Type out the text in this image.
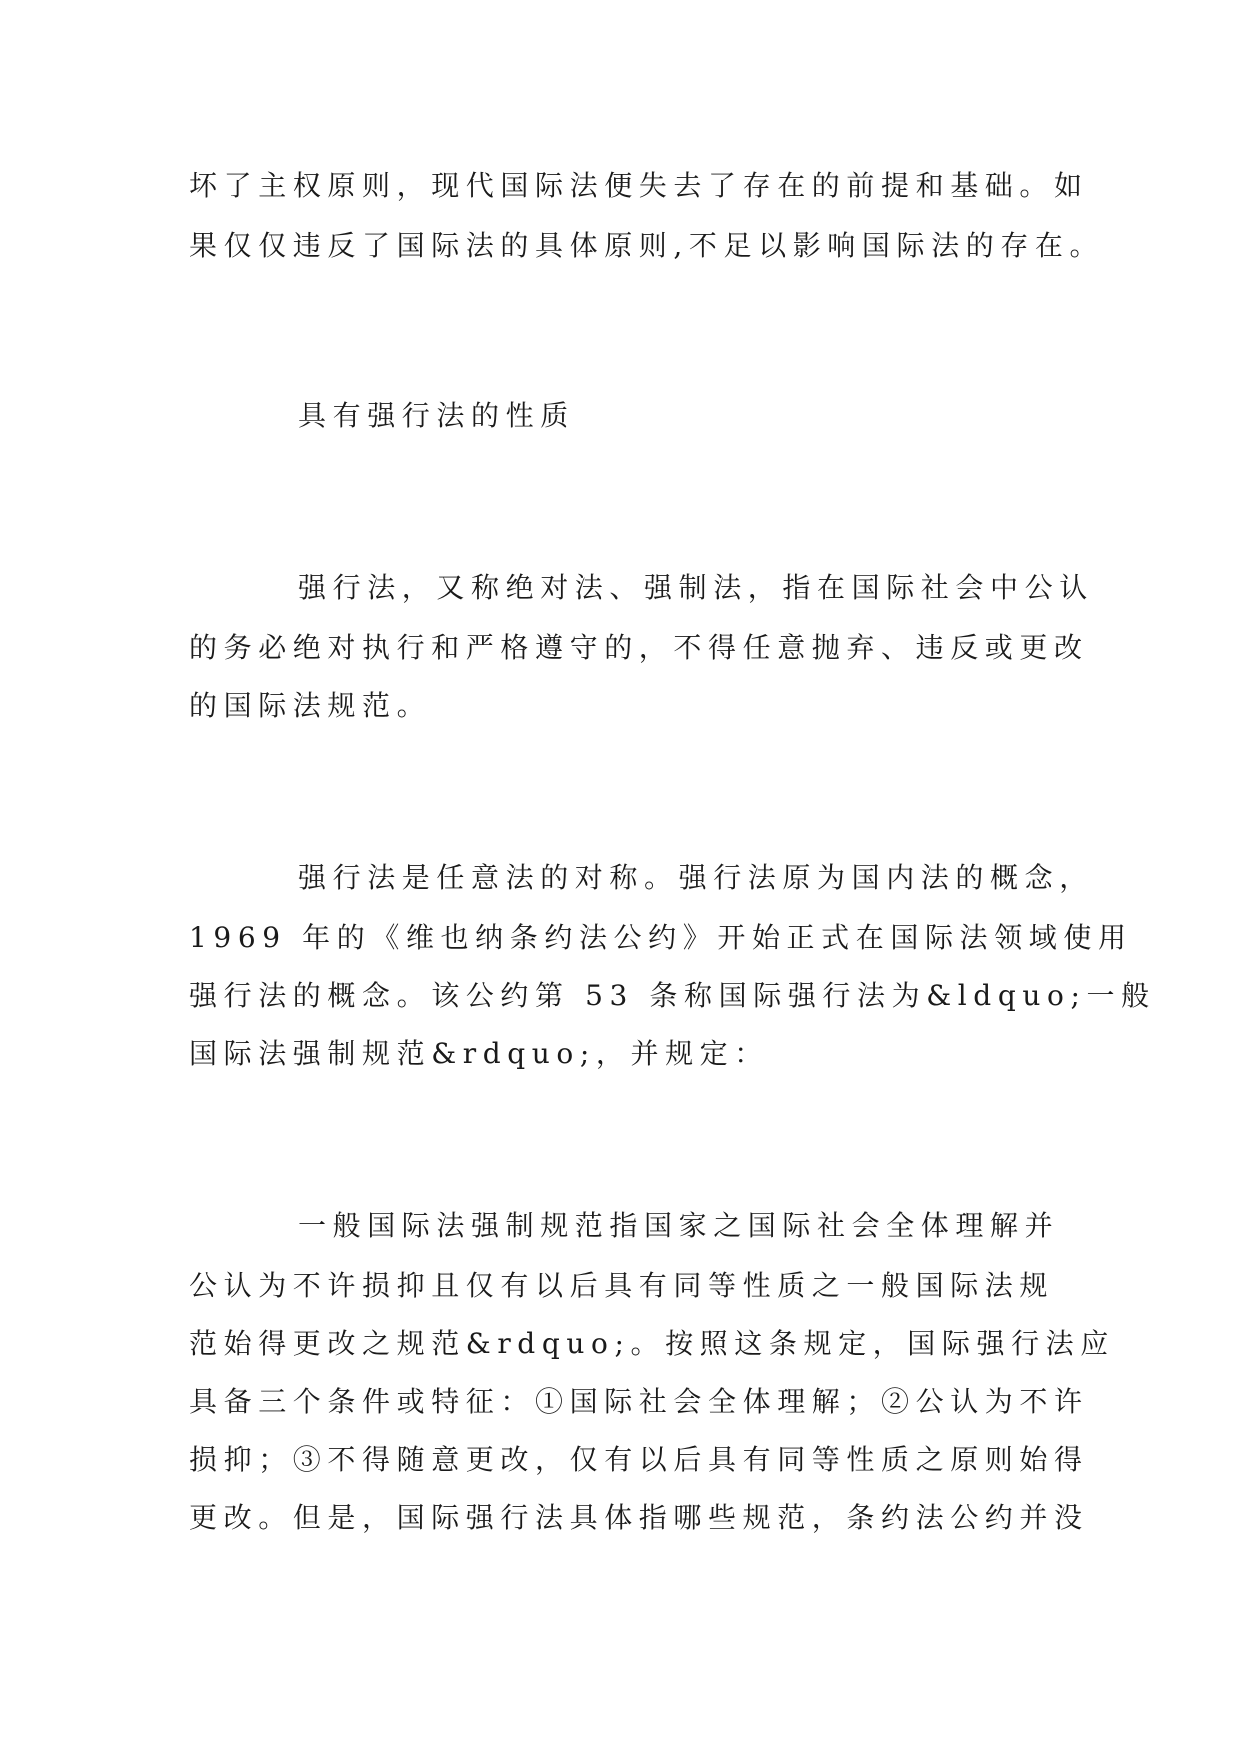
坏了主权原则，现代国际法便失去了存在的前提和基础。如
果仅仅违反了国际法的具体原则,不足以影响国际法的存在。
具有强行法的性质
强行法，又称绝对法、强制法，指在国际社会中公认
的务必绝对执行和严格遵守的，不得任意抛弃、违反或更改
的国际法规范。
强行法是任意法的对称。强行法原为国内法的概念，
1969 年的《维也纳条约法公约》开始正式在国际法领域使用
强行法的概念。该公约第 53 条称国际强行法为&ldquo;一般
国际法强制规范&rdquo;，并规定：
一般国际法强制规范指国家之国际社会全体理解并
公认为不许损抑且仅有以后具有同等性质之一般国际法规
范始得更改之规范&rdquo;。按照这条规定，国际强行法应
具备三个条件或特征：①国际社会全体理解；②公认为不许
损抑；③不得随意更改，仅有以后具有同等性质之原则始得
更改。但是，国际强行法具体指哪些规范，条约法公约并没
